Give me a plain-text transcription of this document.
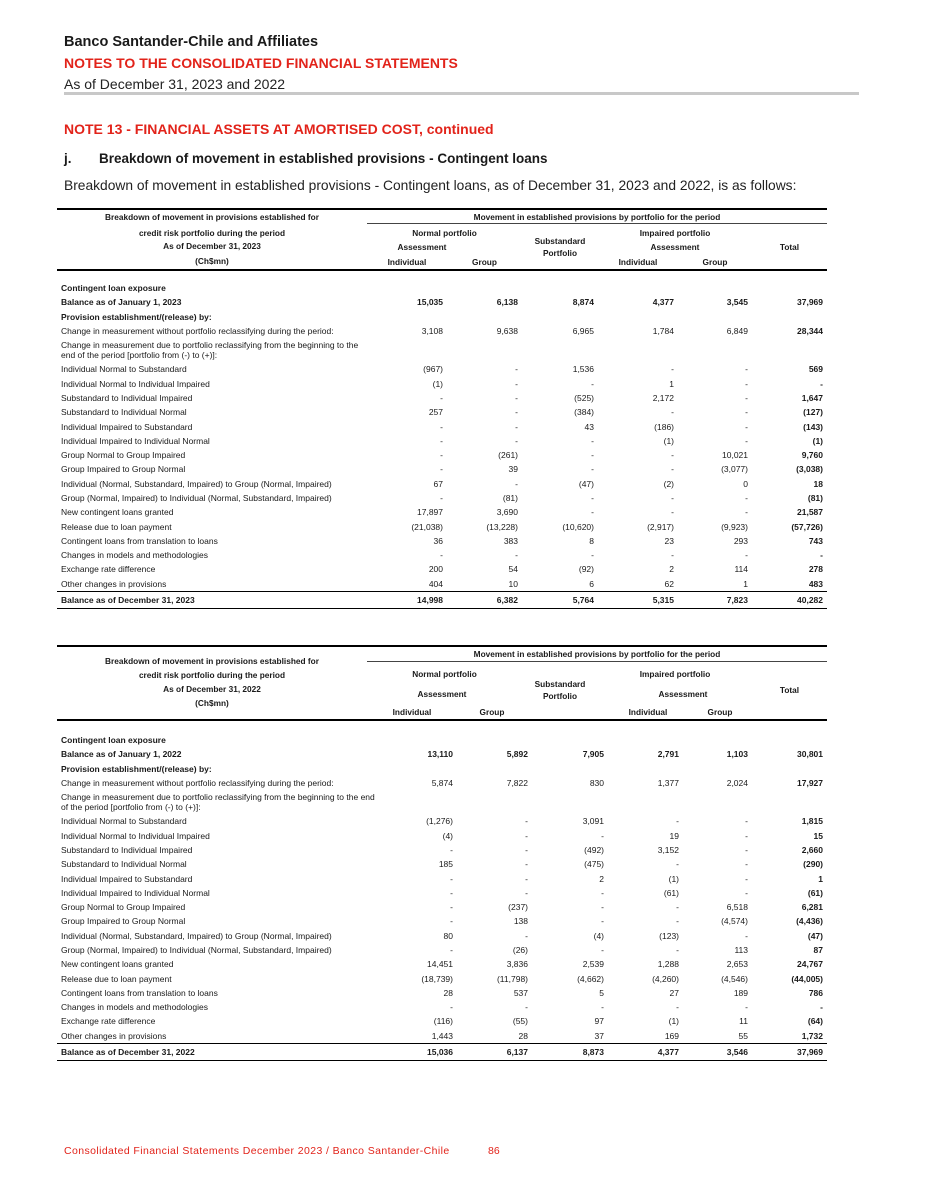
Banco Santander-Chile and Affiliates
NOTES TO THE CONSOLIDATED FINANCIAL STATEMENTS
As of December 31, 2023 and 2022
NOTE 13 - FINANCIAL ASSETS AT AMORTISED COST, continued
j. Breakdown of movement in established provisions - Contingent loans
Breakdown of movement in established provisions - Contingent loans, as of December 31, 2023 and 2022, is as follows:
Breakdown of movement in provisions established for
credit risk portfolio during the period
As of December 31, 2023
(Ch$mn)
Movement in established provisions by portfolio for the period
Normal portfolio	Impaired portfolio
Assessment	Assessment
Substandard
Portfolio
Total
Individual	Group	Individual	Group
Contingent loan exposure						
Balance as of January 1, 2023	15,035	6,138	8,874	4,377	3,545	37,969
Provision establishment/(release) by:						
Change in measurement without portfolio reclassifying during the period:	3,108	9,638	6,965	1,784	6,849	28,344
Change in measurement due to portfolio reclassifying from the beginning to the end of the period [portfolio from (-) to (+)]:						
Individual Normal to Substandard	(967)	-	1,536	-	-	569
Individual Normal to Individual Impaired	(1)	-	-	1	-	-
Substandard to Individual Impaired	-	-	(525)	2,172	-	1,647
Substandard to Individual Normal	257	-	(384)	-	-	(127)
Individual Impaired to Substandard	-	-	43	(186)	-	(143)
Individual Impaired to Individual Normal	-	-	-	(1)	-	(1)
Group Normal to Group Impaired	-	(261)	-	-	10,021	9,760
Group Impaired to Group Normal	-	39	-	-	(3,077)	(3,038)
Individual (Normal, Substandard, Impaired) to Group (Normal, Impaired)	67	-	(47)	(2)	0	18
Group (Normal, Impaired) to Individual (Normal, Substandard, Impaired)	-	(81)	-	-	-	(81)
New contingent loans granted	17,897	3,690	-	-	-	21,587
Release due to loan payment	(21,038)	(13,228)	(10,620)	(2,917)	(9,923)	(57,726)
Contingent loans from translation to loans	36	383	8	23	293	743
Changes in models and methodologies	-	-	-	-	-	-
Exchange rate difference	200	54	(92)	2	114	278
Other changes in provisions	404	10	6	62	1	483
Balance as of December 31, 2023	14,998	6,382	5,764	5,315	7,823	40,282
Breakdown of movement in provisions established for
credit risk portfolio during the period
As of December 31, 2022
(Ch$mn)
Movement in established provisions by portfolio for the period
Normal portfolio	Impaired portfolio
Assessment	Assessment
Substandard
Portfolio
Total
Individual	Group	Individual	Group
Contingent loan exposure						
Balance as of January 1, 2022	13,110	5,892	7,905	2,791	1,103	30,801
Provision establishment/(release) by:						
Change in measurement without portfolio reclassifying during the period:	5,874	7,822	830	1,377	2,024	17,927
Change in measurement due to portfolio reclassifying from the beginning to the end of the period [portfolio from (-) to (+)]:						
Individual Normal to Substandard	(1,276)	-	3,091	-	-	1,815
Individual Normal to Individual Impaired	(4)	-	-	19	-	15
Substandard to Individual Impaired	-	-	(492)	3,152	-	2,660
Substandard to Individual Normal	185	-	(475)	-	-	(290)
Individual Impaired to Substandard	-	-	2	(1)	-	1
Individual Impaired to Individual Normal	-	-	-	(61)	-	(61)
Group Normal to Group Impaired	-	(237)	-	-	6,518	6,281
Group Impaired to Group Normal	-	138	-	-	(4,574)	(4,436)
Individual (Normal, Substandard, Impaired) to Group (Normal, Impaired)	80	-	(4)	(123)	-	(47)
Group (Normal, Impaired) to Individual (Normal, Substandard, Impaired)	-	(26)	-	-	113	87
New contingent loans granted	14,451	3,836	2,539	1,288	2,653	24,767
Release due to loan payment	(18,739)	(11,798)	(4,662)	(4,260)	(4,546)	(44,005)
Contingent loans from translation to loans	28	537	5	27	189	786
Changes in models and methodologies	-	-	-	-	-	-
Exchange rate difference	(116)	(55)	97	(1)	11	(64)
Other changes in provisions	1,443	28	37	169	55	1,732
Balance as of December 31, 2022	15,036	6,137	8,873	4,377	3,546	37,969
Consolidated Financial Statements December 2023 / Banco Santander-Chile	86
